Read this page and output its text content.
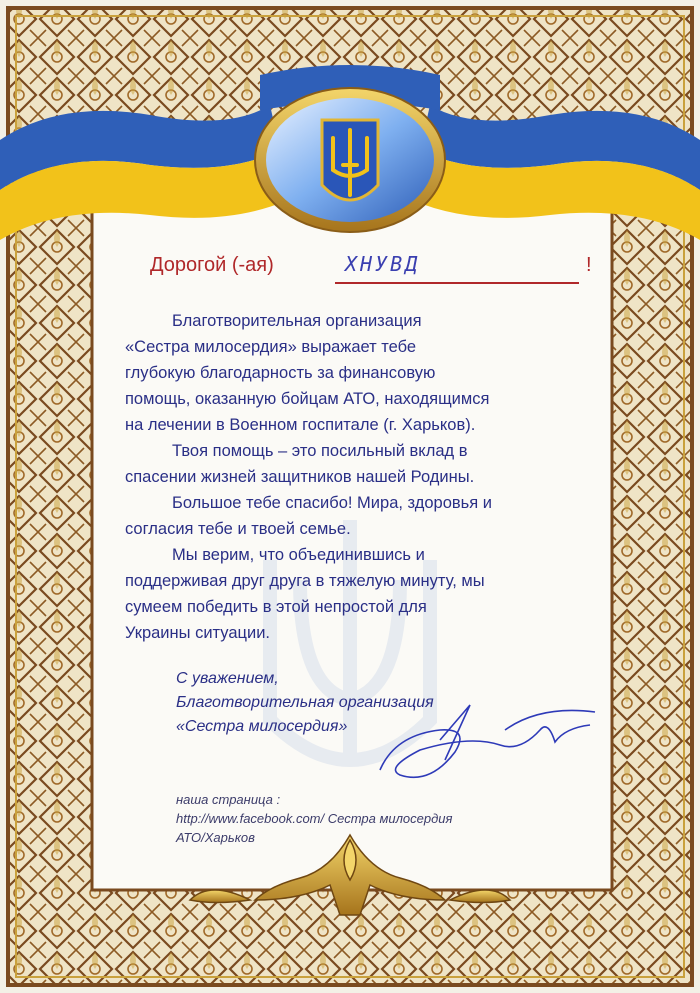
Дорогой (-ая)	ХНУВД	!
Благотворительная организация
«Сестра милосердия» выражает тебе
глубокую благодарность за финансовую
помощь, оказанную бойцам АТО, находящимся
на лечении в Военном госпитале (г. Харьков).
Твоя помощь – это посильный вклад в
спасении жизней защитников нашей Родины.
Большое тебе спасибо! Мира, здоровья и
согласия тебе и твоей семье.
Мы верим, что объединившись и
поддерживая друг друга в тяжелую минуту, мы
сумеем победить в этой непростой для
Украины ситуации.
С уважением,
Благотворительная организация
«Сестра милосердия»
наша страница :
http://www.facebook.com/ Сестра милосердия
АТО/Харьков
